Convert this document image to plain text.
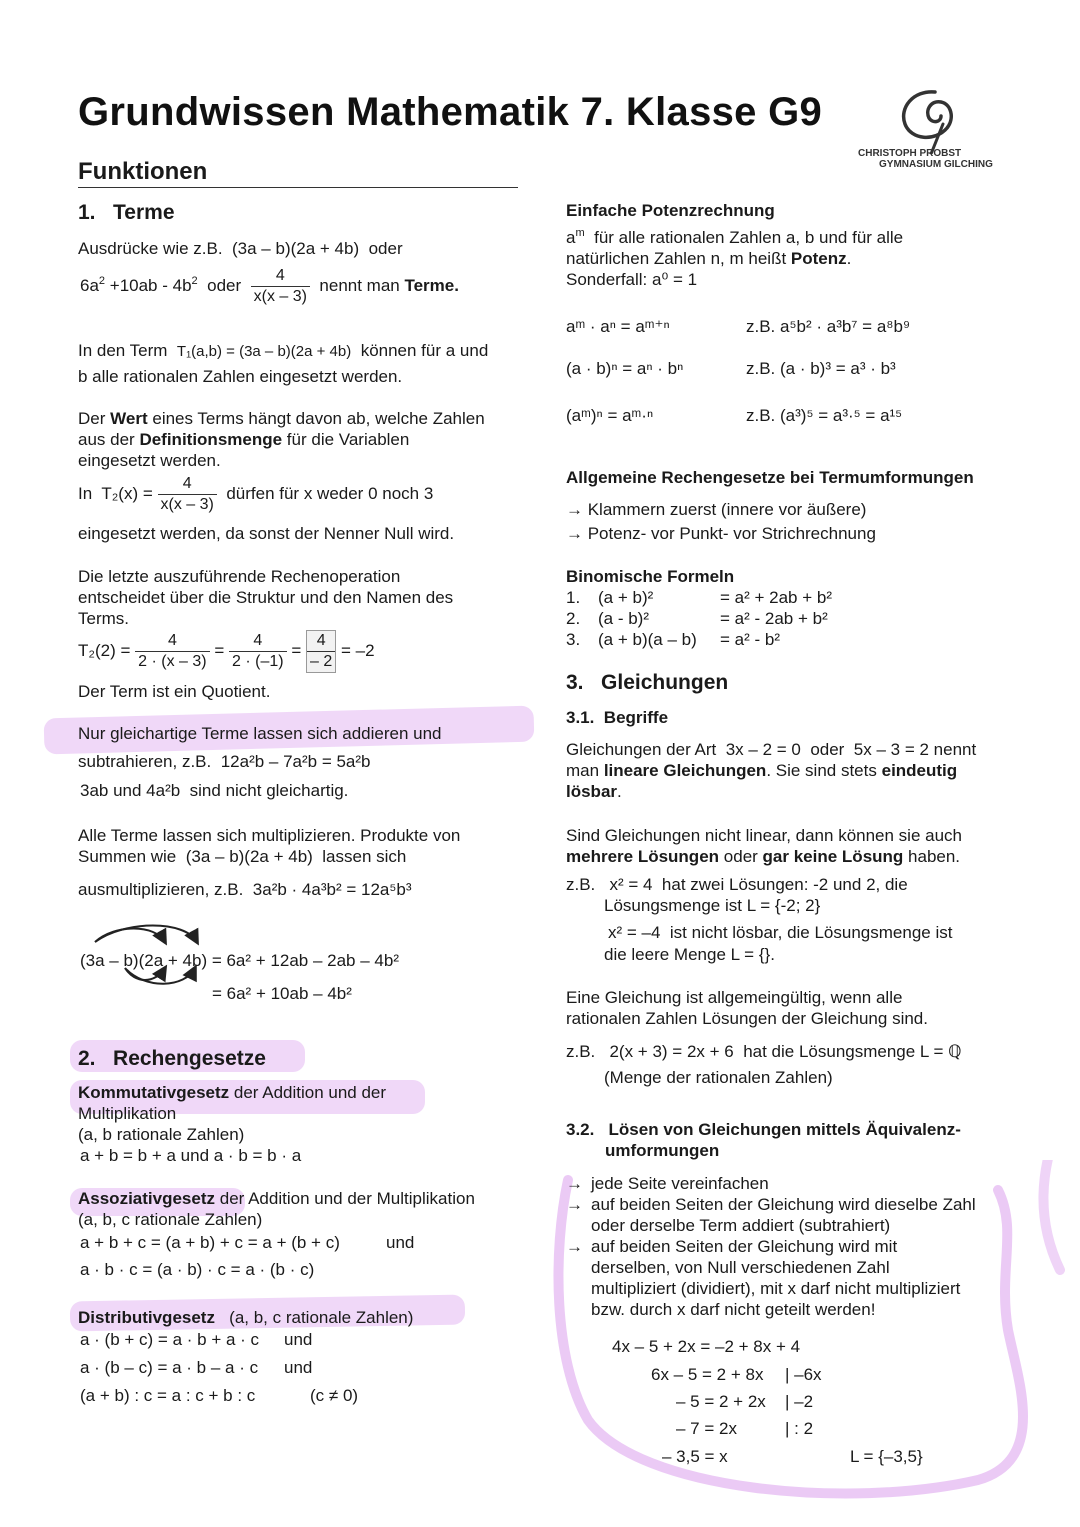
Grundwissen Mathematik 7. Klasse G9
CHRISTOPH PROBST
GYMNASIUM GILCHING
Funktionen
1. Terme
Ausdrücke wie z.B. (3a – b)(2a + 4b) oder
$6a^2 +10ab - 4b^2$ oder $\frac{4}{x(x - 3)}$ nennt man Terme.
In den Term T₁(a,b) = (3a – b)(2a + 4b) können für a und
b alle rationalen Zahlen eingesetzt werden.
Der Wert eines Terms hängt davon ab, welche Zahlen
aus der Definitionsmenge für die Variablen
eingesetzt werden.
In $T_2(x) = \frac{4}{x(x - 3)}$ dürfen für x weder 0 noch 3
eingesetzt werden, da sonst der Nenner Null wird.
Die letzte auszuführende Rechenoperation
entscheidet über die Struktur und den Namen des
Terms.
$T_2(2) = \frac{4}{2 \cdot (x - 3)} = \frac{4}{2 \cdot (-1)} = \frac{4}{- 2} = -2$
Der Term ist ein Quotient.
Nur gleichartige Terme lassen sich addieren und
subtrahieren, z.B. 12a²b – 7a²b = 5a²b
3ab und 4a²b sind nicht gleichartig.
Alle Terme lassen sich multiplizieren. Produkte von
Summen wie (3a – b)(2a + 4b) lassen sich
ausmultiplizieren, z.B. 3a²b · 4a³b² = 12a⁵b³
(3a – b)(2a + 4b) = 6a² + 12ab – 2ab – 4b²
= 6a² + 10ab – 4b²
2. Rechengesetze
Kommutativgesetz der Addition und der
Multiplikation
(a, b rationale Zahlen)
a + b = b + a und a · b = b · a
Assoziativgesetz der Addition und der Multiplikation
(a, b, c rationale Zahlen)
a + b + c = (a + b) + c = a + (b + c)	und
a · b · c = (a · b) · c = a · (b · c)
Distributivgesetz (a, b, c rationale Zahlen)
a · (b + c) = a · b + a · c und
a · (b – c) = a · b – a · c und
(a + b) : c = a : c + b : c	(c ≠ 0)
Einfache Potenzrechnung
$a^m$ für alle rationalen Zahlen a, b und für alle
natürlichen Zahlen n, m heißt Potenz.
Sonderfall: a⁰ = 1
aᵐ · aⁿ = aᵐ⁺ⁿ	z.B. a⁵b² · a³b⁷ = a⁸b⁹
(a · b)ⁿ = aⁿ · bⁿ	z.B. (a · b)³ = a³ · b³
(aᵐ)ⁿ = aᵐ·ⁿ	z.B. (a³)⁵ = a³·⁵ = a¹⁵
Allgemeine Rechengesetze bei Termumformungen
→ Klammern zuerst (innere vor äußere)
→ Potenz- vor Punkt- vor Strichrechnung
Binomische Formeln
1.	(a + b)²	= a² + 2ab + b²
2.	(a - b)²	= a² - 2ab + b²
3.	(a + b)(a – b)	= a² - b²
3. Gleichungen
3.1.  Begriffe
Gleichungen der Art 3x – 2 = 0 oder 5x – 3 = 2 nennt
man lineare Gleichungen. Sie sind stets eindeutig
lösbar.
Sind Gleichungen nicht linear, dann können sie auch
mehrere Lösungen oder gar keine Lösung haben.
z.B. x² = 4 hat zwei Lösungen: -2 und 2, die
Lösungsmenge ist L = {-2; 2}
x² = –4 ist nicht lösbar, die Lösungsmenge ist
die leere Menge L = {}.
Eine Gleichung ist allgemeingültig, wenn alle
rationalen Zahlen Lösungen der Gleichung sind.
z.B. 2(x + 3) = 2x + 6 hat die Lösungsmenge L = ℚ
(Menge der rationalen Zahlen)
3.2. Lösen von Gleichungen mittels Äquivalenz-
umformungen
→ jede Seite vereinfachen
→ auf beiden Seiten der Gleichung wird dieselbe Zahl
oder derselbe Term addiert (subtrahiert)
→ auf beiden Seiten der Gleichung wird mit
derselben, von Null verschiedenen Zahl
multipliziert (dividiert), mit x darf nicht multipliziert
bzw. durch x darf nicht geteilt werden!
4x – 5 + 2x = –2 + 8x + 4
6x – 5 = 2 + 8x | –6x
– 5 = 2 + 2x | –2
– 7 = 2x	| : 2
– 3,5 = x	L = {–3,5}
